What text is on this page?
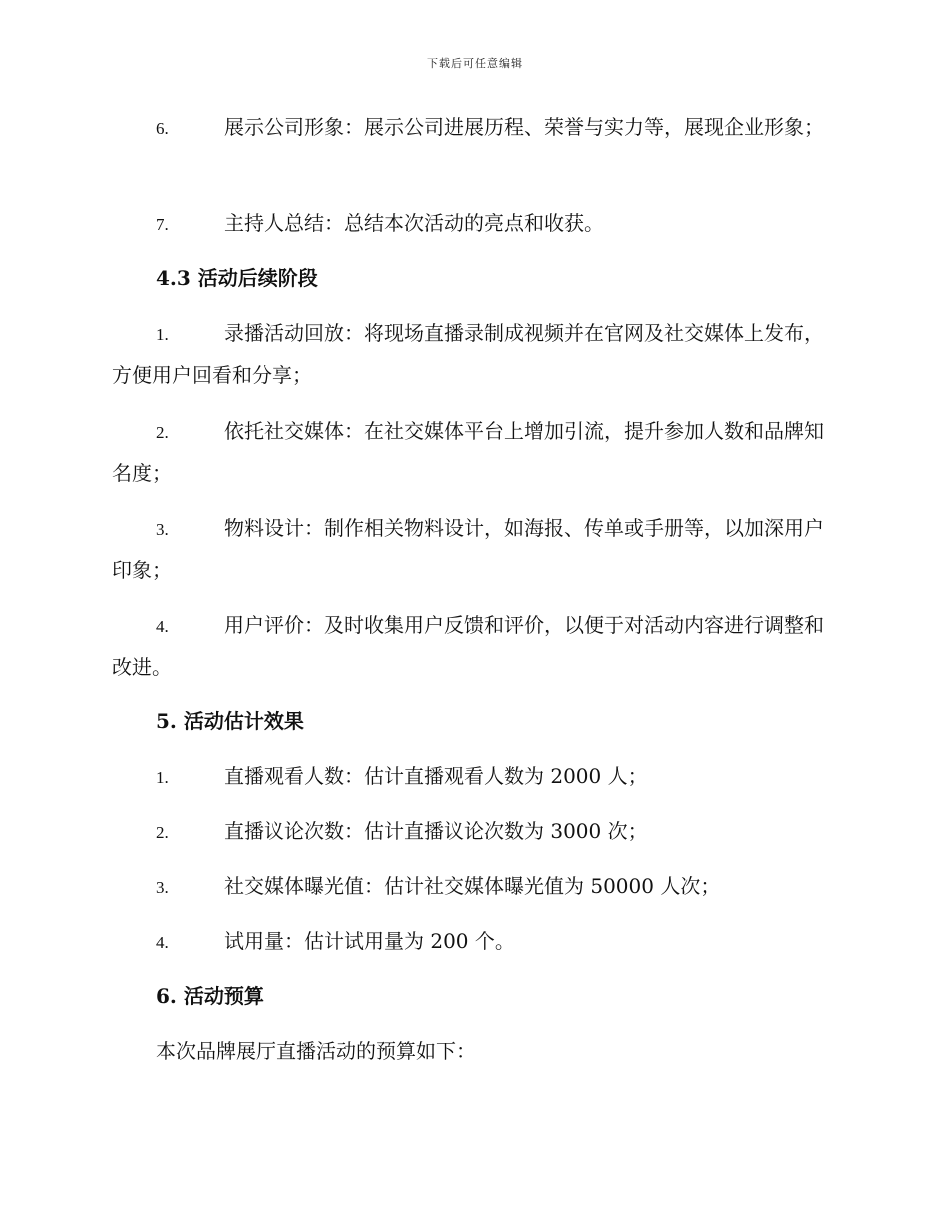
下载后可任意编辑
6.	展示公司形象：展示公司进展历程、荣誉与实力等，展现企业形象；
7.	主持人总结：总结本次活动的亮点和收获。
4.3 活动后续阶段
1.	录播活动回放：将现场直播录制成视频并在官网及社交媒体上发布，方便用户回看和分享；
2.	依托社交媒体：在社交媒体平台上增加引流，提升参加人数和品牌知名度；
3.	物料设计：制作相关物料设计，如海报、传单或手册等，以加深用户印象；
4.	用户评价：及时收集用户反馈和评价，以便于对活动内容进行调整和改进。
5. 活动估计效果
1.	直播观看人数：估计直播观看人数为 2000 人；
2.	直播议论次数：估计直播议论次数为 3000 次；
3.	社交媒体曝光值：估计社交媒体曝光值为 50000 人次；
4.	试用量：估计试用量为 200 个。
6. 活动预算
本次品牌展厅直播活动的预算如下：
